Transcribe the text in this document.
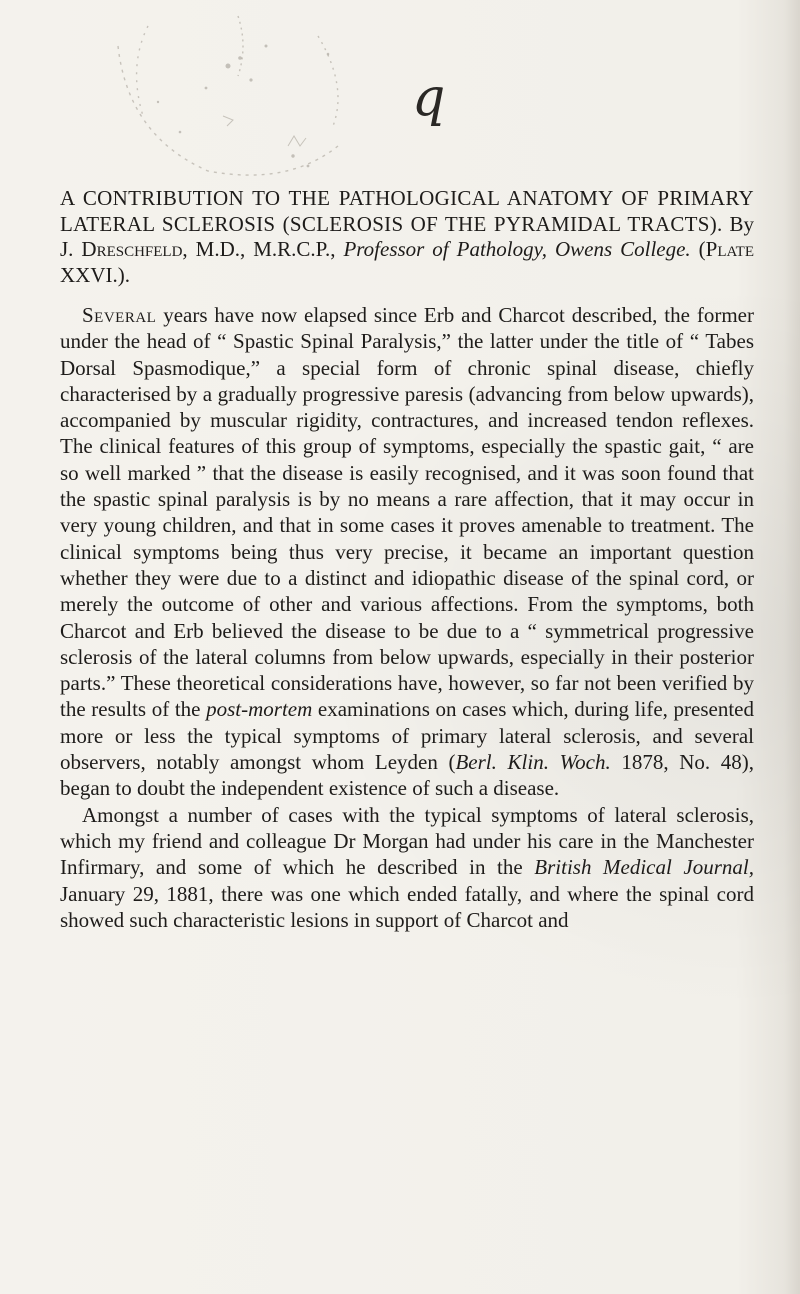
q
A CONTRIBUTION TO THE PATHOLOGICAL ANATOMY OF PRIMARY LATERAL SCLEROSIS (SCLEROSIS OF THE PYRAMIDAL TRACTS). By J. Dreschfeld, M.D., M.R.C.P., Professor of Pathology, Owens College. (Plate XXVI.).

Several years have now elapsed since Erb and Charcot described, the former under the head of “ Spastic Spinal Paralysis,” the latter under the title of “ Tabes Dorsal Spasmodique,” a special form of chronic spinal disease, chiefly characterised by a gradually progressive paresis (advancing from below upwards), accompanied by muscular rigidity, contractures, and increased tendon reflexes. The clinical features of this group of symptoms, especially the spastic gait, “ are so well marked ” that the disease is easily recognised, and it was soon found that the spastic spinal paralysis is by no means a rare affection, that it may occur in very young children, and that in some cases it proves amenable to treatment. The clinical symptoms being thus very precise, it became an important question whether they were due to a distinct and idiopathic disease of the spinal cord, or merely the outcome of other and various affections. From the symptoms, both Charcot and Erb believed the disease to be due to a “ symmetrical progressive sclerosis of the lateral columns from below upwards, especially in their posterior parts.” These theoretical considerations have, however, so far not been verified by the results of the post-mortem examinations on cases which, during life, presented more or less the typical symptoms of primary lateral sclerosis, and several observers, notably amongst whom Leyden (Berl. Klin. Woch. 1878, No. 48), began to doubt the independent existence of such a disease.

Amongst a number of cases with the typical symptoms of lateral sclerosis, which my friend and colleague Dr Morgan had under his care in the Manchester Infirmary, and some of which he described in the British Medical Journal, January 29, 1881, there was one which ended fatally, and where the spinal cord showed such characteristic lesions in support of Charcot and
